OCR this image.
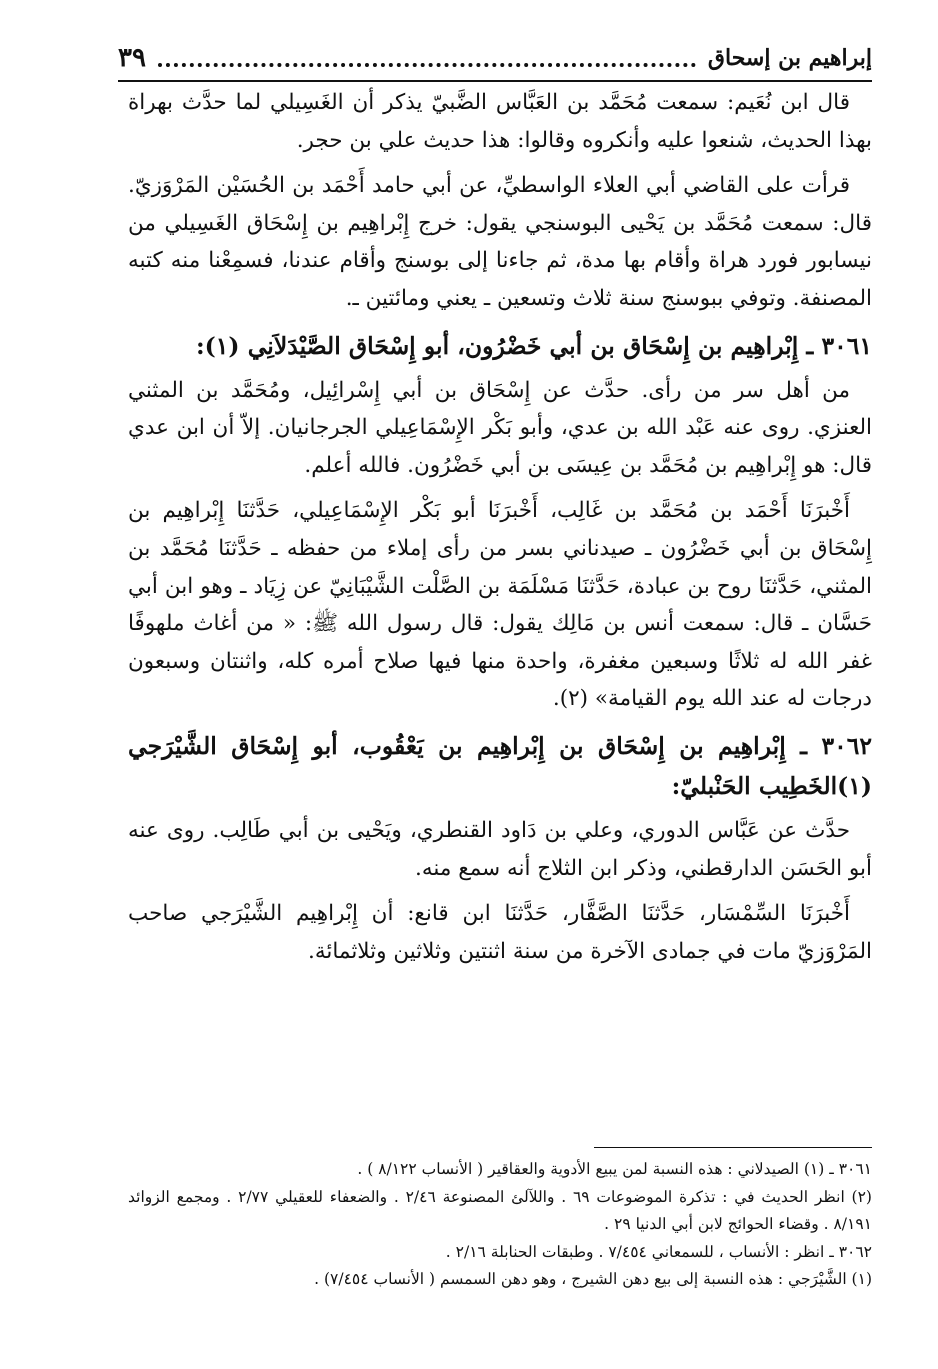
إبراهيم بن إسحاق
٣٩

قال ابن نُعَيم: سمعت مُحَمَّد بن العَبَّاس الضَّبيّ يذكر أن الغَسِيلي لما حدَّث بهراة بهذا الحديث، شنعوا عليه وأنكروه وقالوا: هذا حديث علي بن حجر.

قرأت على القاضي أبي العلاء الواسطيِّ، عن أبي حامد أَحْمَد بن الحُسَيْن المَرْوَزيّ. قال: سمعت مُحَمَّد بن يَحْيى البوسنجي يقول: خرج إِبْراهِيم بن إِسْحَاق الغَسِيلي من نيسابور فورد هراة وأقام بها مدة، ثم جاءنا إلى بوسنج وأقام عندنا، فسمِعْنا منه كتبه المصنفة. وتوفي ببوسنج سنة ثلاث وتسعين ـ يعني ومائتين ـ.

٣٠٦١ ـ إِبْراهِيم بن إِسْحَاق بن أبي خَضْرُون، أبو إِسْحَاق الصَّيْدَلاَنِي (١):

من أهل سر من رأى. حدَّث عن إِسْحَاق بن أبي إِسْرائِيل، ومُحَمَّد بن المثني العنزي. روى عنه عَبْد الله بن عدي، وأبو بَكْر الإِسْمَاعِيلي الجرجانيان. إلاّ أن ابن عدي قال: هو إِبْراهِيم بن مُحَمَّد بن عِيسَى بن أبي خَضْرُون. فالله أعلم.

أَخْبرَنَا أَحْمَد بن مُحَمَّد بن غَالِب، أَخْبرَنَا أبو بَكْر الإِسْمَاعِيلي، حَدَّثنَا إِبْراهِيم بن إِسْحَاق بن أبي خَضْرُون ـ صيدناني بسر من رأى إملاء من حفظه ـ حَدَّثنَا مُحَمَّد بن المثني، حَدَّثنَا روح بن عبادة، حَدَّثنَا مَسْلَمَة بن الصَّلْت الشَّيْبَانِيّ عن زِيَاد ـ وهو ابن أبي حَسَّان ـ قال: سمعت أنس بن مَالِك يقول: قال رسول الله ﷺ: « من أغاث ملهوفًا غفر الله له ثلاثًا وسبعين مغفرة، واحدة منها فيها صلاح أمره كله، واثنتان وسبعون درجات له عند الله يوم القيامة» (٢).

٣٠٦٢ ـ إِبْراهِيم بن إِسْحَاق بن إِبْراهِيم بن يَعْقُوب، أبو إِسْحَاق الشَّيْرَجي (١)الخَطِيب الحَنْبليّ:

حدَّث عن عَبَّاس الدوري، وعلي بن دَاود القنطري، ويَحْيى بن أبي طَالِب. روى عنه أبو الحَسَن الدارقطني، وذكر ابن الثلاج أنه سمع منه.

أَخْبرَنَا السِّمْسَار، حَدَّثنَا الصَّفَّار، حَدَّثنَا ابن قانع: أن إِبْراهِيم الشَّيْرَجي صاحب المَرْوَزيّ مات في جمادى الآخرة من سنة اثنتين وثلاثين وثلاثمائة.

٣٠٦١ ـ (١) الصيدلاني : هذه النسبة لمن يبيع الأدوية والعقاقير ( الأنساب ٨/١٢٢ ) .

(٢) انظر الحديث في : تذكرة الموضوعات ٦٩ . واللآلئ المصنوعة ٢/٤٦ . والضعفاء للعقيلي ٢/٧٧ . ومجمع الزوائد ٨/١٩١ . وقضاء الحوائج لابن أبي الدنيا ٢٩ .

٣٠٦٢ ـ انظر : الأنساب ، للسمعاني ٧/٤٥٤ . وطبقات الحنابلة ٢/١٦ .

(١) الشَّيْرَجي : هذه النسبة إلى بيع دهن الشيرج ، وهو دهن السمسم ( الأنساب ٧/٤٥٤) .
